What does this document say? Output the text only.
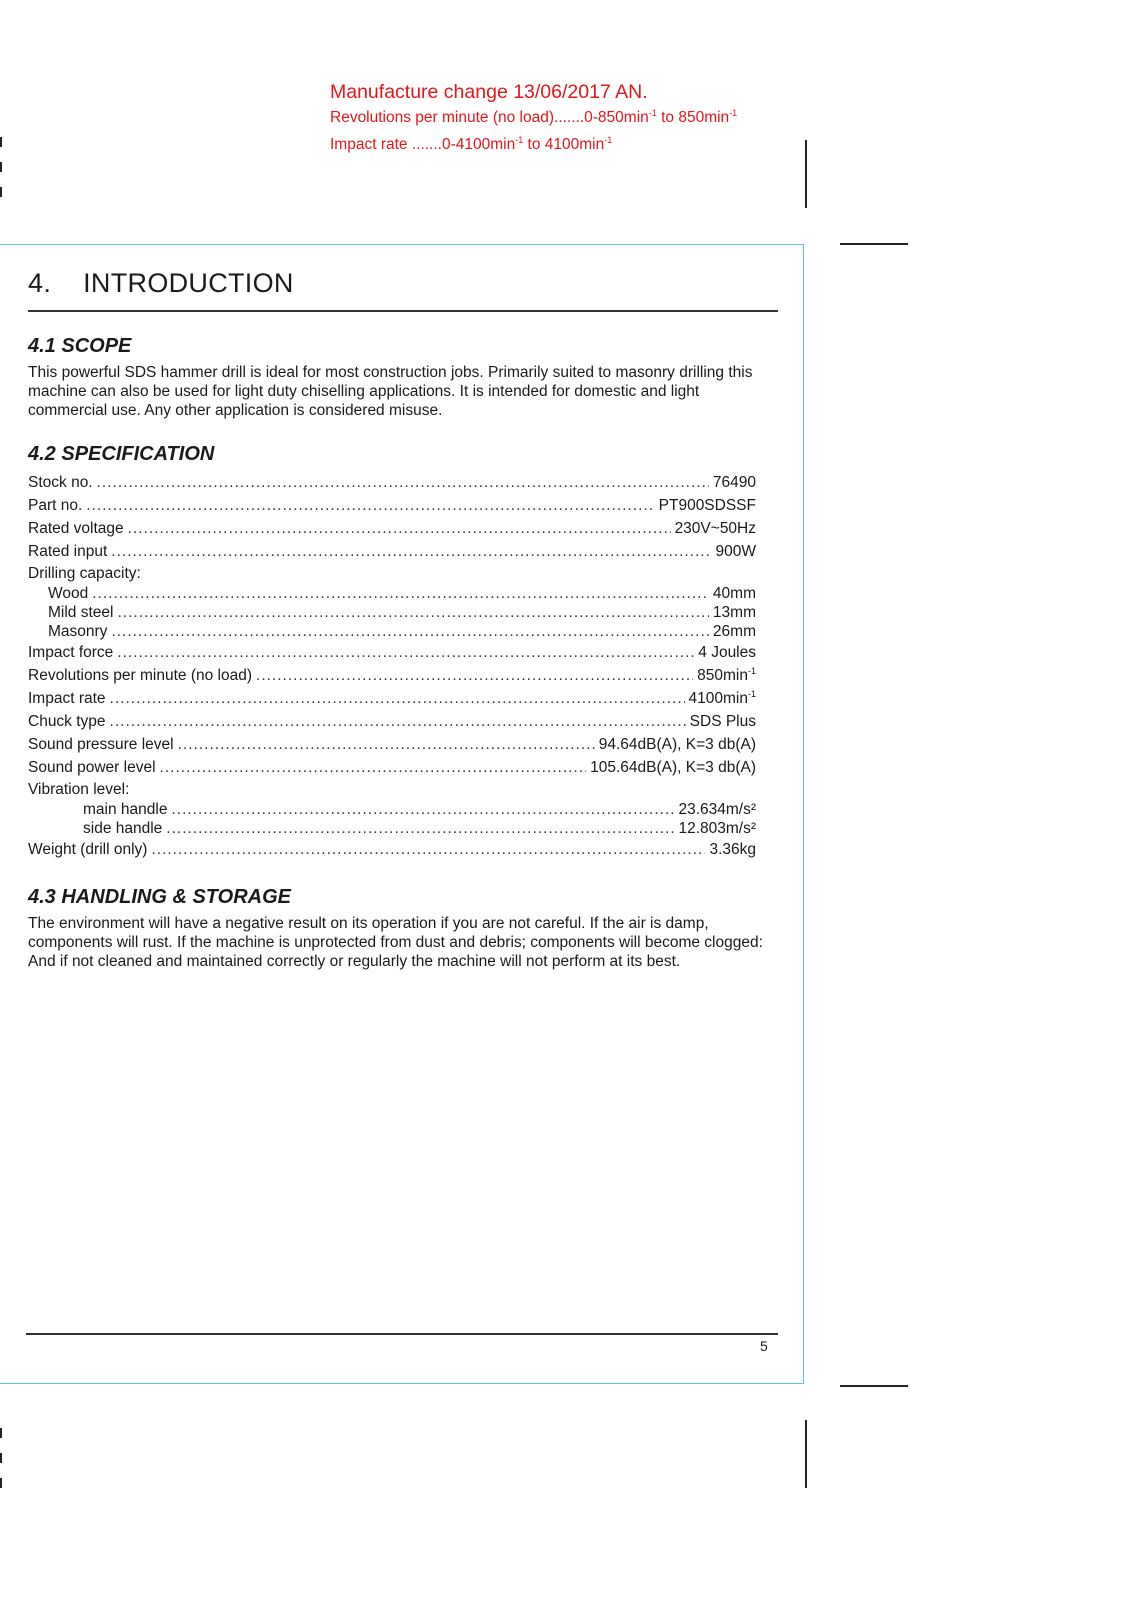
Manufacture change 13/06/2017 AN.
Revolutions per minute (no $load).......0-850\min^{-1}$ to $850\min^{-1}$
Impact rate $.......0-4100\min^{-1}$ to $4100\min^{-1}$
4. INTRODUCTION
4.1 SCOPE

This powerful SDS hammer drill is ideal for most construction jobs. Primarily suited to masonry drilling this machine can also be used for light duty chiselling applications. It is intended for domestic and light commercial use. Any other application is considered misuse.

4.2 SPECIFICATION
Stock no. .....	76490
Part no. .....	PT900SDSSF
Rated voltage .....	230V~50Hz
Rated input .....	900W
Drilling capacity:
Wood .....	40mm
Mild steel .....	13mm
Masonry .....	26mm
Impact force .....	4 Joules
Revolutions per minute (no load) .....	$850\min^{-1}$
Impact rate .....	$4100\min^{-1}$
Chuck type .....	SDS Plus
Sound pressure level .....	94.64dB(A), K=3 db(A)
Sound power level .....	105.64dB(A), K=3 db(A)
Vibration level:
main handle .....	23.634m/s²
side handle .....	12.803m/s²
Weight (drill only) .....	3.36kg
4.3 HANDLING & STORAGE

The environment will have a negative result on its operation if you are not careful. If the air is damp, components will rust. If the machine is unprotected from dust and debris; components will become clogged: And if not cleaned and maintained correctly or regularly the machine will not perform at its best.

5
